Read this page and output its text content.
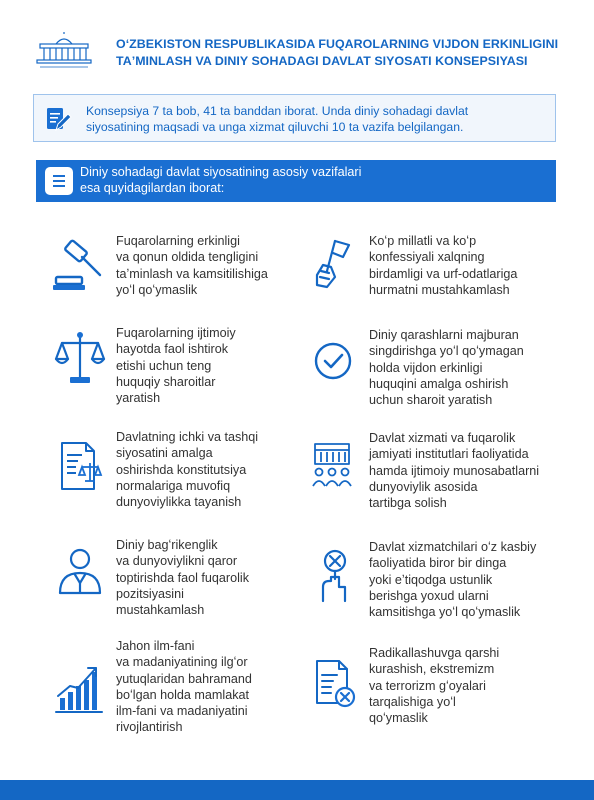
OʻZBEKISTON RESPUBLIKASIDA FUQAROLARNING VIJDON ERKINLIGINI
TAʼMINLASH VA DINIY SOHADAGI DAVLAT SIYOSATI KONSEPSIYASI
Konsepsiya 7 ta bob, 41 ta banddan iborat. Unda diniy sohadagi davlat
siyosatining maqsadi va unga xizmat qiluvchi 10 ta vazifa belgilangan.
Diniy sohadagi davlat siyosatining asosiy vazifalari
esa quyidagilardan iborat:
Fuqarolarning erkinligi
va qonun oldida tengligini
taʼminlash va kamsitilishiga
yoʻl qoʻymaslik
Koʻp millatli va koʻp
konfessiyali xalqning
birdamligi va urf-odatlariga
hurmatni mustahkamlash
Fuqarolarning ijtimoiy
hayotda faol ishtirok
etishi uchun teng
huquqiy sharoitlar
yaratish
Diniy qarashlarni majburan
singdirishga yoʻl qoʻymagan
holda vijdon erkinligi
huquqini amalga oshirish
uchun sharoit yaratish
Davlatning ichki va tashqi
siyosatini amalga
oshirishda konstitutsiya
normalariga muvofiq
dunyoviylikka tayanish
Davlat xizmati va fuqarolik
jamiyati institutlari faoliyatida
hamda ijtimoiy munosabatlarni
dunyoviylik asosida
tartibga solish
Diniy bagʻrikenglik
va dunyoviylikni qaror
toptirishda faol fuqarolik
pozitsiyasini
mustahkamlash
Davlat xizmatchilari oʻz kasbiy
faoliyatida biror bir dinga
yoki eʼtiqodga ustunlik
berishga yoxud ularni
kamsitishga yoʻl qoʻymaslik
Jahon ilm-fani
va madaniyatining ilgʻor
yutuqlaridan bahramand
boʻlgan holda mamlakat
ilm-fani va madaniyatini
rivojlantirish
Radikallashuvga qarshi
kurashish, ekstremizm
va terrorizm gʻoyalari
tarqalishiga yoʻl
qoʻymaslik
